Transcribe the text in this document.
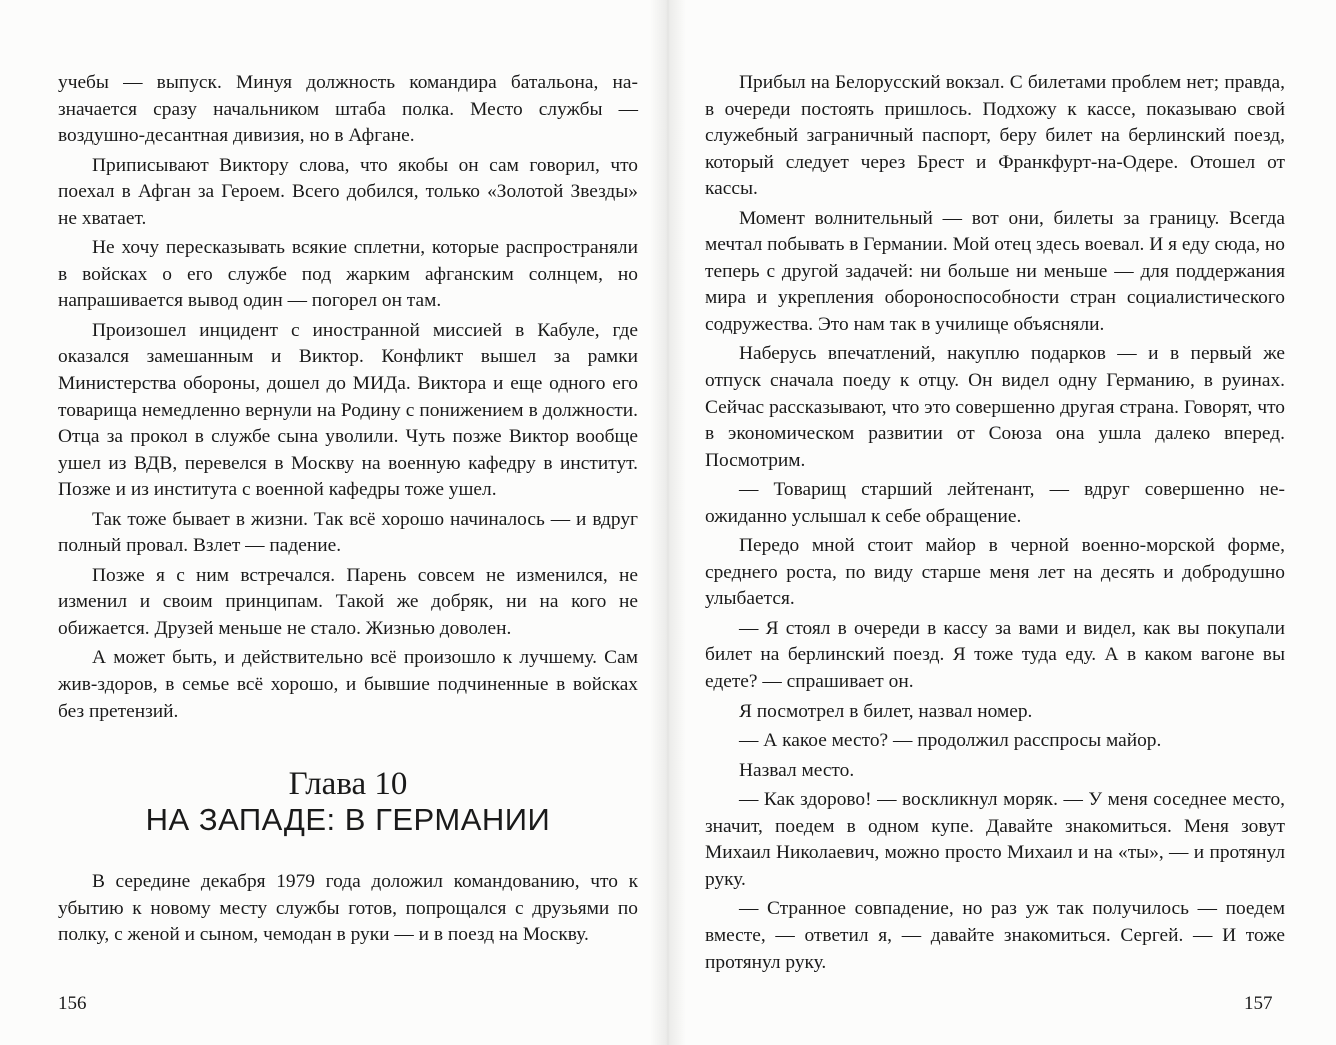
учебы — выпуск. Минуя должность командира батальона, назначается сразу начальником штаба полка. Место службы — воздушно-десантная дивизия, но в Афгане.

Приписывают Виктору слова, что якобы он сам говорил, что поехал в Афган за Героем. Всего добился, только «Золотой Звезды» не хватает.

Не хочу пересказывать всякие сплетни, которые распространяли в войсках о его службе под жарким афганским солнцем, но напрашивается вывод один — погорел он там.

Произошел инцидент с иностранной миссией в Кабуле, где оказался замешанным и Виктор. Конфликт вышел за рамки Министерства обороны, дошел до МИДа. Виктора и еще одного его товарища немедленно вернули на Родину с понижением в должности. Отца за прокол в службе сына уволили. Чуть позже Виктор вообще ушел из ВДВ, перевелся в Москву на военную кафедру в институт. Позже и из института с военной кафедры тоже ушел.

Так тоже бывает в жизни. Так всё хорошо начиналось — и вдруг полный провал. Взлет — падение.

Позже я с ним встречался. Парень совсем не изменился, не изменил и своим принципам. Такой же добряк, ни на кого не обижается. Друзей меньше не стало. Жизнью доволен.

А может быть, и действительно всё произошло к лучшему. Сам жив-здоров, в семье всё хорошо, и бывшие подчиненные в войсках без претензий.

Глава 10
НА ЗАПАДЕ: В ГЕРМАНИИ

В середине декабря 1979 года доложил командованию, что к убытию к новому месту службы готов, попрощался с друзьями по полку, с женой и сыном, чемодан в руки — и в поезд на Москву.

156

Прибыл на Белорусский вокзал. С билетами проблем нет; правда, в очереди постоять пришлось. Подхожу к кассе, показываю свой служебный заграничный паспорт, беру билет на берлинский поезд, который следует через Брест и Франкфурт-на-Одере. Отошел от кассы.

Момент волнительный — вот они, билеты за границу. Всегда мечтал побывать в Германии. Мой отец здесь воевал. И я еду сюда, но теперь с другой задачей: ни больше ни меньше — для поддержания мира и укрепления обороноспособности стран социалистического содружества. Это нам так в училище объясняли.

Наберусь впечатлений, накуплю подарков — и в первый же отпуск сначала поеду к отцу. Он видел одну Германию, в руинах. Сейчас рассказывают, что это совершенно другая страна. Говорят, что в экономическом развитии от Союза она ушла далеко вперед. Посмотрим.

— Товарищ старший лейтенант, — вдруг совершенно неожиданно услышал к себе обращение.

Передо мной стоит майор в черной военно-морской форме, среднего роста, по виду старше меня лет на десять и добродушно улыбается.

— Я стоял в очереди в кассу за вами и видел, как вы покупали билет на берлинский поезд. Я тоже туда еду. А в каком вагоне вы едете? — спрашивает он.

Я посмотрел в билет, назвал номер.

— А какое место? — продолжил расспросы майор.

Назвал место.

— Как здорово! — воскликнул моряк. — У меня соседнее место, значит, поедем в одном купе. Давайте знакомиться. Меня зовут Михаил Николаевич, можно просто Михаил и на «ты», — и протянул руку.

— Странное совпадение, но раз уж так получилось — поедем вместе, — ответил я, — давайте знакомиться. Сергей. — И тоже протянул руку.

157
